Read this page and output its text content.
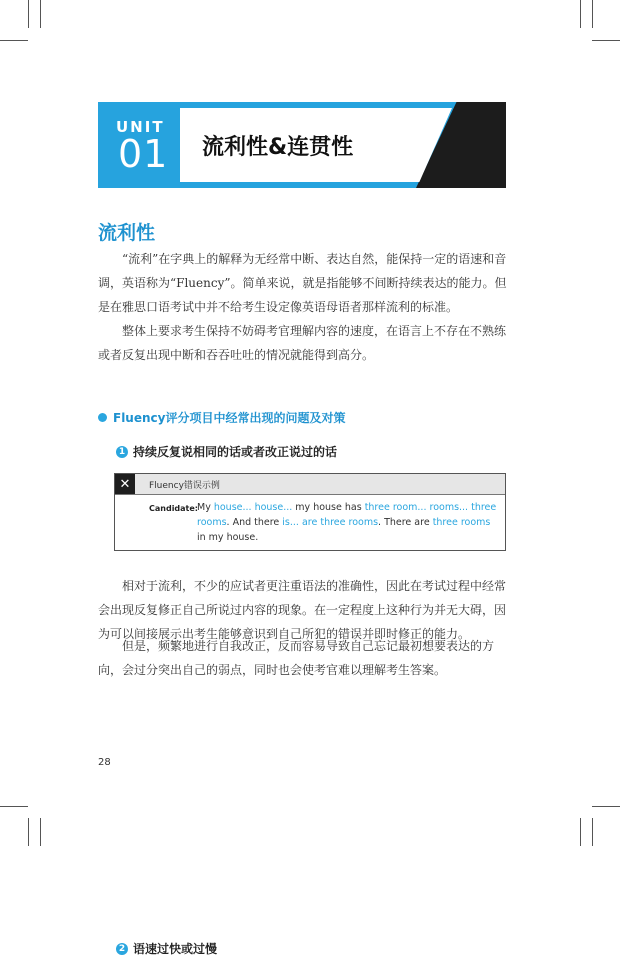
UNIT
01 流利性&连贯性
流利性

“流利”在字典上的解释为无经常中断、表达自然，能保持一定的语速和音调，英语称为“Fluency”。简单来说，就是指能够不间断持续表达的能力。但是在雅思口语考试中并不给考生设定像英语母语者那样流利的标准。

整体上要求考生保持不妨碍考官理解内容的速度，在语言上不存在不熟练或者反复出现中断和吞吞吐吐的情况就能得到高分。

Fluency评分项目中经常出现的问题及对策
1 持续反复说相同的话或者改正说过的话
✕	Fluency错误示例
Candidate:

My house... house... my house has three room... rooms... three rooms. And there is... are three rooms. There are three rooms in my house.

相对于流利，不少的应试者更注重语法的准确性，因此在考试过程中经常会出现反复修正自己所说过内容的现象。在一定程度上这种行为并无大碍，因为可以间接展示出考生能够意识到自己所犯的错误并即时修正的能力。

但是，频繁地进行自我改正，反而容易导致自己忘记最初想要表达的方向，会过分突出自己的弱点，同时也会使考官难以理解考生答案。

28
2 语速过快或过慢
